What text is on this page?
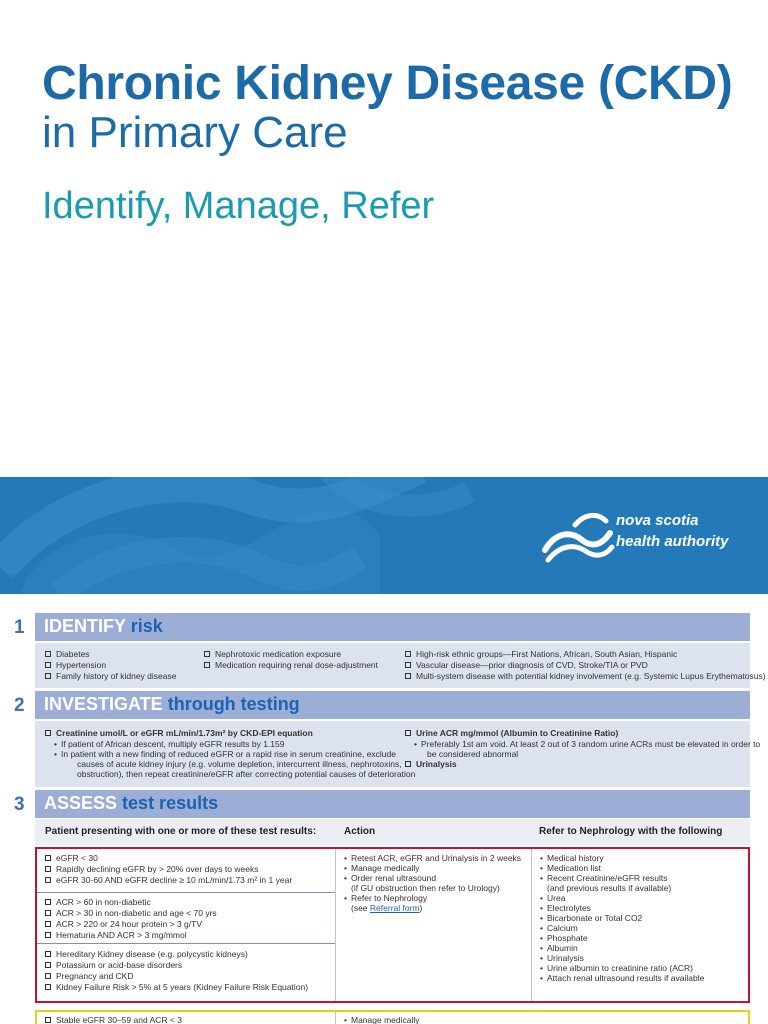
Chronic Kidney Disease (CKD)
in Primary Care
Identify, Manage, Refer
nova scotia
health authority
1 IDENTIFY risk
Diabetes
Hypertension
Family history of kidney disease
Nephrotoxic medication exposure
Medication requiring renal dose-adjustment
High-risk ethnic groups—First Nations, African, South Asian, Hispanic
Vascular disease—prior diagnosis of CVD, Stroke/TIA or PVD
Multi-system disease with potential kidney involvement (e.g. Systemic Lupus Erythematosus)
2 INVESTIGATE through testing
Creatinine umol/L or eGFR mL/min/1.73m² by CKD-EPI equation
• If patient of African descent, multiply eGFR results by 1.159
• In patient with a new finding of reduced eGFR or a rapid rise in serum creatinine, exclude
causes of acute kidney injury (e.g. volume depletion, intercurrent illness, nephrotoxins,
obstruction), then repeat creatinine/eGFR after correcting potential causes of deterioration
Urine ACR mg/mmol (Albumin to Creatinine Ratio)
• Preferably 1st am void. At least 2 out of 3 random urine ACRs must be elevated in order to
be considered abnormal
Urinalysis
3 ASSESS test results
Patient presenting with one or more of these test results:	Action	Refer to Nephrology with the following
eGFR < 30
Rapidly declining eGFR by > 20% over days to weeks
eGFR 30-60 AND eGFR decline ≥ 10 mL/min/1.73 m² in 1 year
ACR > 60 in non-diabetic
ACR > 30 in non-diabetic and age < 70 yrs
ACR > 220 or 24 hour protein > 3 g/TV
Hematuria AND ACR > 3 mg/mmol
Hereditary Kidney disease (e.g. polycystic kidneys)
Potassium or acid-base disorders
Pregnancy and CKD
Kidney Failure Risk > 5% at 5 years (Kidney Failure Risk Equation)
• Retest ACR, eGFR and Urinalysis in 2 weeks
• Manage medically
• Order renal ultrasound
(if GU obstruction then refer to Urology)
• Refer to Nephrology
(see Referral form)
• Medical history
• Medication list
• Recent Creatinine/eGFR results
(and previous results if available)
• Urea
• Electrolytes
• Bicarbonate or Total CO2
• Calcium
• Phosphate
• Albumin
• Urinalysis
• Urine albumin to creatinine ratio (ACR)
• Attach renal ultrasound results if available
Stable eGFR 30–59 and ACR < 3
•	Manage medically
